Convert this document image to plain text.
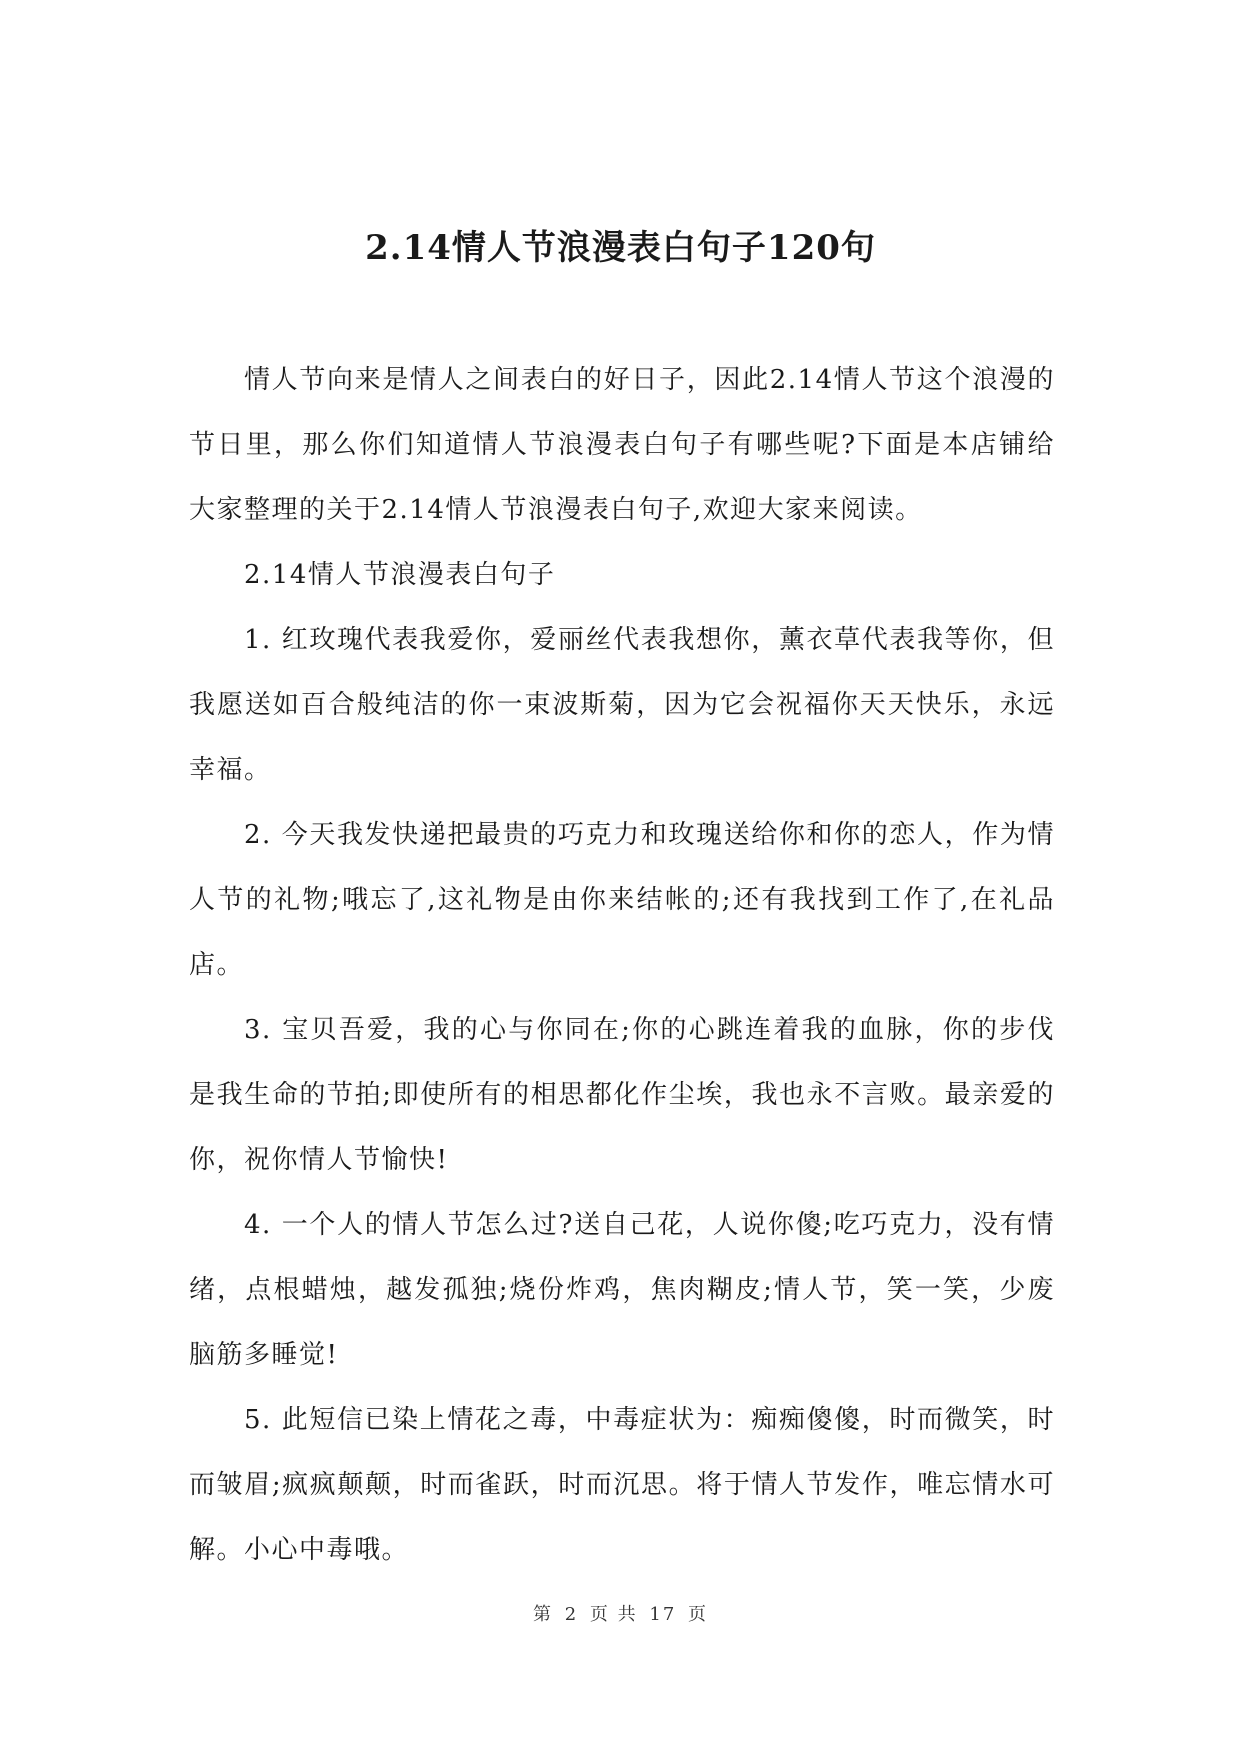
2.14情人节浪漫表白句子120句

情人节向来是情人之间表白的好日子，因此2.14情人节这个浪漫的节日里，那么你们知道情人节浪漫表白句子有哪些呢?下面是本店铺给大家整理的关于2.14情人节浪漫表白句子,欢迎大家来阅读。

2.14情人节浪漫表白句子

1. 红玫瑰代表我爱你，爱丽丝代表我想你，薰衣草代表我等你，但我愿送如百合般纯洁的你一束波斯菊，因为它会祝福你天天快乐，永远幸福。

2. 今天我发快递把最贵的巧克力和玫瑰送给你和你的恋人，作为情人节的礼物;哦忘了,这礼物是由你来结帐的;还有我找到工作了,在礼品店。

3. 宝贝吾爱，我的心与你同在;你的心跳连着我的血脉，你的步伐是我生命的节拍;即使所有的相思都化作尘埃，我也永不言败。最亲爱的你，祝你情人节愉快!

4. 一个人的情人节怎么过?送自己花，人说你傻;吃巧克力，没有情绪，点根蜡烛，越发孤独;烧份炸鸡，焦肉糊皮;情人节，笑一笑，少废脑筋多睡觉!

5. 此短信已染上情花之毒，中毒症状为：痴痴傻傻，时而微笑，时而皱眉;疯疯颠颠，时而雀跃，时而沉思。将于情人节发作，唯忘情水可解。小心中毒哦。

第 2 页 共 17 页
